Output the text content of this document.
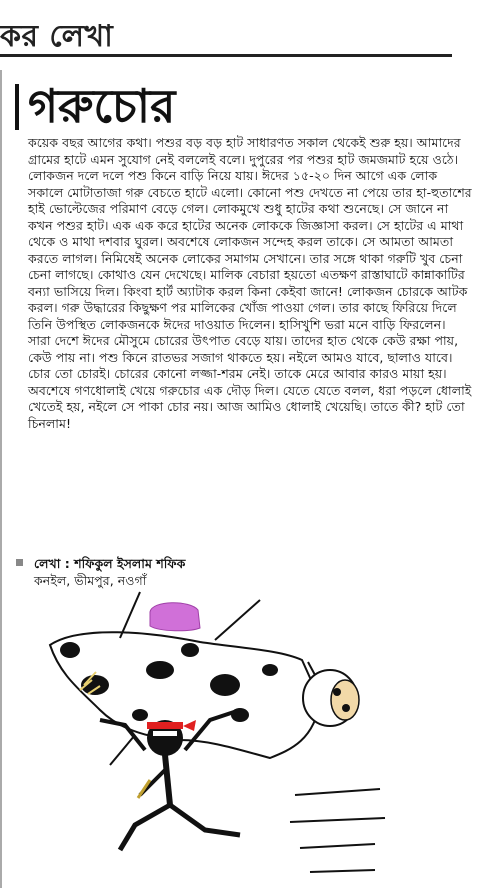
কর লেখা
গরুচোর

কয়েক বছর আগের কথা। পশুর বড় বড় হাট সাধারণত সকাল থেকেই শুরু হয়। আমাদের গ্রামের হাটে এমন সুযোগ নেই বললেই বলে। দুপুরের পর পশুর হাট জমজমাট হয়ে ওঠে। লোকজন দলে দলে পশু কিনে বাড়ি নিয়ে যায়। ঈদের ১৫-২০ দিন আগে এক লোক সকালে মোটাতাজা গরু বেচতে হাটে এলো। কোনো পশু দেখতে না পেয়ে তার হা-হুতাশের হাই ভোল্টেজের পরিমাণ বেড়ে গেল। লোকমুখে শুধু হাটের কথা শুনেছে। সে জানে না কখন পশুর হাট। এক এক করে হাটের অনেক লোককে জিজ্ঞাসা করল। সে হাটের এ মাথা থেকে ও মাথা দশবার ঘুরল। অবশেষে লোকজন সন্দেহ করল তাকে। সে আমতা আমতা করতে লাগল। নিমিষেই অনেক লোকের সমাগম সেখানে। তার সঙ্গে থাকা গরুটি খুব চেনা চেনা লাগছে। কোথাও যেন দেখেছে। মালিক বেচারা হয়তো এতক্ষণ রাস্তাঘাটে কান্নাকাটির বন্যা ভাসিয়ে দিল। কিংবা হার্ট অ্যাটাক করল কিনা কেইবা জানে! লোকজন চোরকে আটক করল। গরু উদ্ধারের কিছুক্ষণ পর মালিকের খোঁজ পাওয়া গেল। তার কাছে ফিরিয়ে দিলে তিনি উপস্থিত লোকজনকে ঈদের দাওয়াত দিলেন। হাসিখুশি ভরা মনে বাড়ি ফিরলেন।

সারা দেশে ঈদের মৌসুমে চোরের উৎপাত বেড়ে যায়। তাদের হাত থেকে কেউ রক্ষা পায়, কেউ পায় না। পশু কিনে রাতভর সজাগ থাকতে হয়। নইলে আমও যাবে, ছালাও যাবে। চোর তো চোরই। চোরের কোনো লজ্জা-শরম নেই। তাকে মেরে আবার কারও মায়া হয়। অবশেষে গণধোলাই খেয়ে গরুচোর এক দৌড় দিল। যেতে যেতে বলল, ধরা পড়লে ধোলাই খেতেই হয়, নইলে সে পাকা চোর নয়। আজ আমিও ধোলাই খেয়েছি। তাতে কী? হাট তো চিনলাম!

লেখা : শফিকুল ইসলাম শফিক
কনইল, ভীমপুর, নওগাঁ
